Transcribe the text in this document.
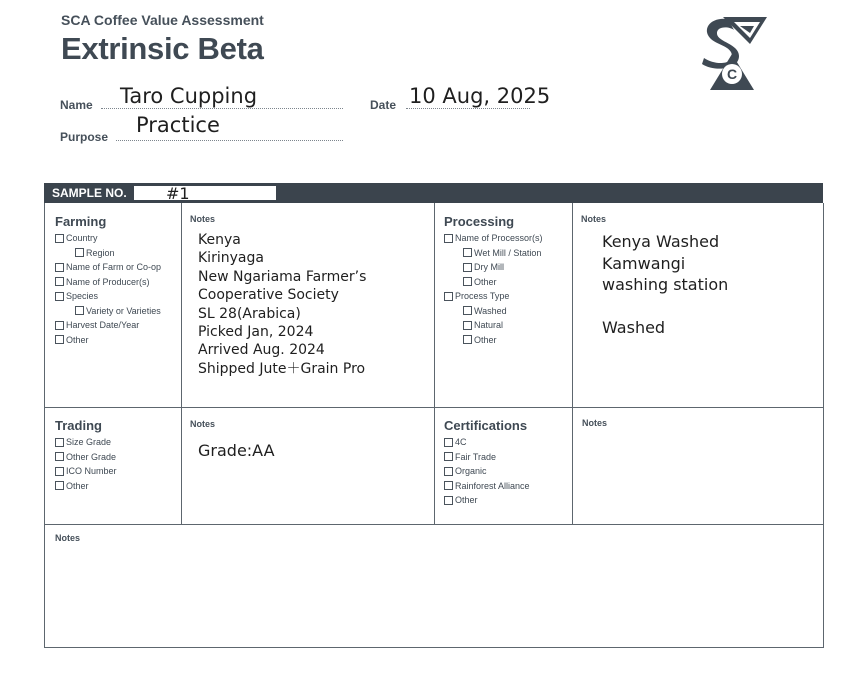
SCA Coffee Value Assessment
Extrinsic Beta
Name Taro Cupping	Date 10 Aug, 2025
Purpose Practice
C
SAMPLE NO. #1
Farming
Country
Region
Name of Farm or Co-op
Name of Producer(s)
Species
Variety or Varieties
Harvest Date/Year
Other
Notes
Kenya
Kirinyaga
New Ngariama Farmer’s
Cooperative Society
SL 28(Arabica)
Picked Jan, 2024
Arrived Aug. 2024
Shipped Jute＋Grain Pro
Processing
Name of Processor(s)
Wet Mill / Station
Dry Mill
Other
Process Type
Washed
Natural
Other
Notes
Kenya Washed
Kamwangi
washing station
Washed
Trading
Size Grade
Other Grade
ICO Number
Other
Notes
Grade:AA
Certifications
4C
Fair Trade
Organic
Rainforest Alliance
Other
Notes
Notes
